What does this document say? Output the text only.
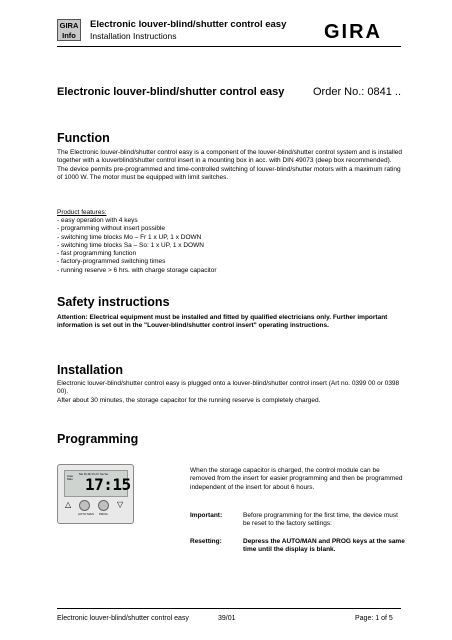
GIRA
Info
Electronic louver-blind/shutter control easy
Installation Instructions	GIRA
Electronic louver-blind/shutter control easy	Order No.: 0841 ..
Function

The Electronic louver-blind/shutter control easy is a component of the louver-blind/shutter control system and is installed together with a louverblind/shutter control insert in a mounting box in acc. with DIN 49073 (deep box recommended). The device permits pre-programmed and time-controlled switching of louver-blind/shutter motors with a maximum rating of 1000 W. The motor must be equipped with limit switches.

Product features:

- easy operation with 4 keys
- programming without insert possible
- switching time blocks Mo – Fr 1 x UP, 1 x DOWN
- switching time blocks Sa – So: 1 x UP, 1 x DOWN
- fast programming function
- factory-programmed switching times
- running reserve > 6 hrs. with charge storage capacitor
Safety instructions

Attention: Electrical equipment must be installed and fitted by qualified electricians only. Further important information is set out in the "Louver-blind/shutter control insert" operating instructions.

Installation

Electronic louver-blind/shutter control easy is plugged onto a louver-blind/shutter control insert (Art no. 0399 00 or 0398 00).

After about 30 minutes, the storage capacitor for the running reserve is completely charged.

Programming
Mo Di Mi Do Fr Sa So
Auto Man 17:15
△
AUTO MAN PROG
▽

When the storage capacitor is charged, the control module can be removed from the insert for easier programming and then be programmed independent of the insert for about 6 hours.

Important:	Before programming for the first time, the device must be reset to the factory settings:
Resetting:	Depress the AUTO/MAN and PROG keys at the same time until the display is blank.
Electronic louver-blind/shutter control easy	39/01	Page: 1 of 5
